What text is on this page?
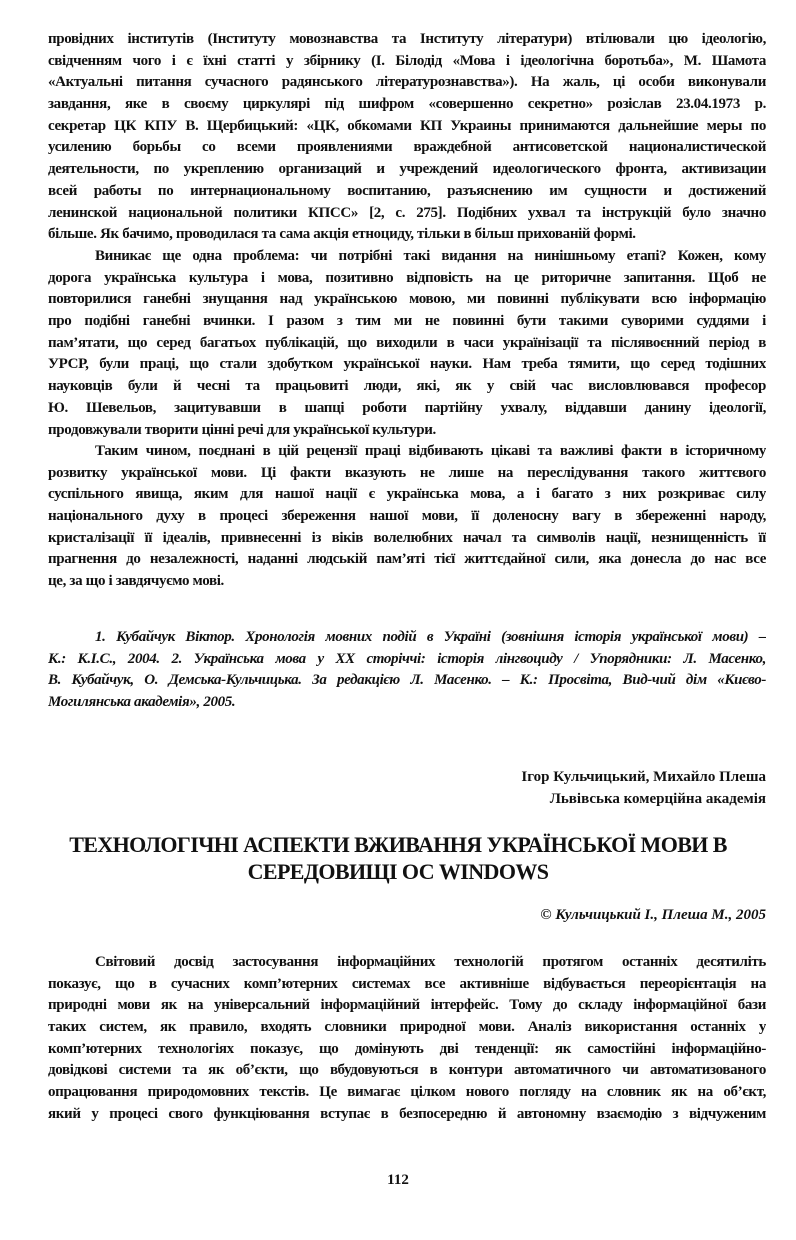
провідних інститутів (Інституту мовознавства та Інституту літератури) втілювали цю ідеологію,
свідченням чого і є їхні статті у збірнику (І. Білодід «Мова і ідеологічна боротьба», М. Шамота
«Актуальні питання сучасного радянського літературознавства»). На жаль, ці особи виконували
завдання, яке в своєму циркулярі під шифром «совершенно секретно» розіслав 23.04.1973 р.
секретар ЦК КПУ В. Щербицький: «ЦК, обкомами КП Украины принимаются дальнейшие меры по
усилению борьбы со всеми проявлениями враждебной антисоветской националистической
деятельности, по укреплению организаций и учреждений идеологического фронта, активизации
всей работы по интернациональному воспитанию, разъяснению им сущности и достижений
ленинской национальной политики КПСС» [2, с. 275]. Подібних ухвал та інструкцій було значно
більше. Як бачимо, проводилася та сама акція етноциду, тільки в більш прихованій формі.
Виникає ще одна проблема: чи потрібні такі видання на нинішньому етапі? Кожен, кому
дорога українська культура і мова, позитивно відповість на це риторичне запитання. Щоб не
повторилися ганебні знущання над українською мовою, ми повинні публікувати всю інформацію
про подібні ганебні вчинки. І разом з тим ми не повинні бути такими суворими суддями і
пам’ятати, що серед багатьох публікацій, що виходили в часи українізації та післявоєнний період в
УРСР, були праці, що стали здобутком української науки. Нам треба тямити, що серед тодішних
науковців були й чесні та працьовиті люди, які, як у свій час висловлювався професор
Ю. Шевельов, зацитувавши в шапці роботи партійну ухвалу, віддавши данину ідеології,
продовжували творити цінні речі для української культури.
Таким чином, поєднані в цій рецензії праці відбивають цікаві та важливі факти в історичному
розвитку української мови. Ці факти вказують не лише на переслідування такого життєвого
суспільного явища, яким для нашої нації є українська мова, а і багато з них розкриває силу
національного духу в процесі збереження нашої мови, її доленосну вагу в збереженні народу,
кристалізації її ідеалів, привнесенні із віків волелюбних начал та символів нації, незнищенність її
прагнення до незалежності, наданні людській пам’яті тієї життєдайної сили, яка донесла до нас все
це, за що і завдячуємо мові.
1. Кубайчук Віктор. Хронологія мовних подій в Україні (зовнішня історія української мови) –
К.: К.І.С., 2004. 2. Українська мова у ХХ сторіччі: історія лінгвоциду / Упорядники: Л. Масенко,
В. Кубайчук, О. Демська-Кульчицька. За редакцією Л. Масенко. – К.: Просвіта, Вид-чий дім «Києво-
Могилянська академія», 2005.
Ігор Кульчицький, Михайло Плеша
Львівська комерційна академія
ТЕХНОЛОГІЧНІ АСПЕКТИ ВЖИВАННЯ УКРАЇНСЬКОЇ МОВИ В
СЕРЕДОВИЩІ ОС WINDOWS
© Кульчицький І., Плеша М., 2005
Світовий досвід застосування інформаційних технологій протягом останніх десятиліть
показує, що в сучасних комп’ютерних системах все активніше відбувається переорієнтація на
природні мови як на універсальний інформаційний інтерфейс. Тому до складу інформаційної бази
таких систем, як правило, входять словники природної мови. Аналіз використання останніх у
комп’ютерних технологіях показує, що домінують дві тенденції: як самостійні інформаційно-
довідкові системи та як об’єкти, що вбудовуються в контури автоматичного чи автоматизованого
опрацювання природомовних текстів. Це вимагає цілком нового погляду на словник як на об’єкт,
який у процесі свого функціювання вступає в безпосередню й автономну взаємодію з відчуженим
112
